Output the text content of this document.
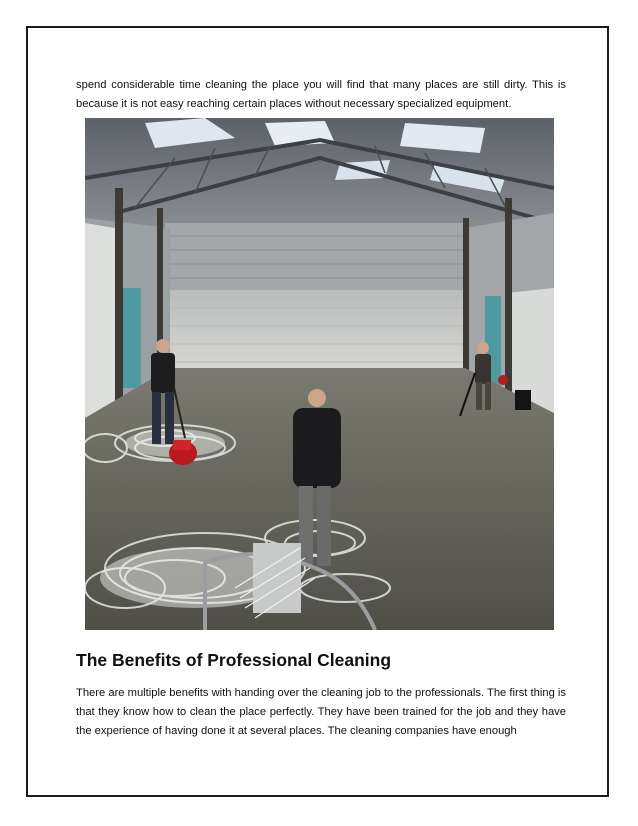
spend considerable time cleaning the place you will find that many places are still dirty. This is because it is not easy reaching certain places without necessary specialized equipment.

The Benefits of Professional Cleaning

There are multiple benefits with handing over the cleaning job to the professionals. The first thing is that they know how to clean the place perfectly. They have been trained for the job and they have the experience of having done it at several places. The cleaning companies have enough
